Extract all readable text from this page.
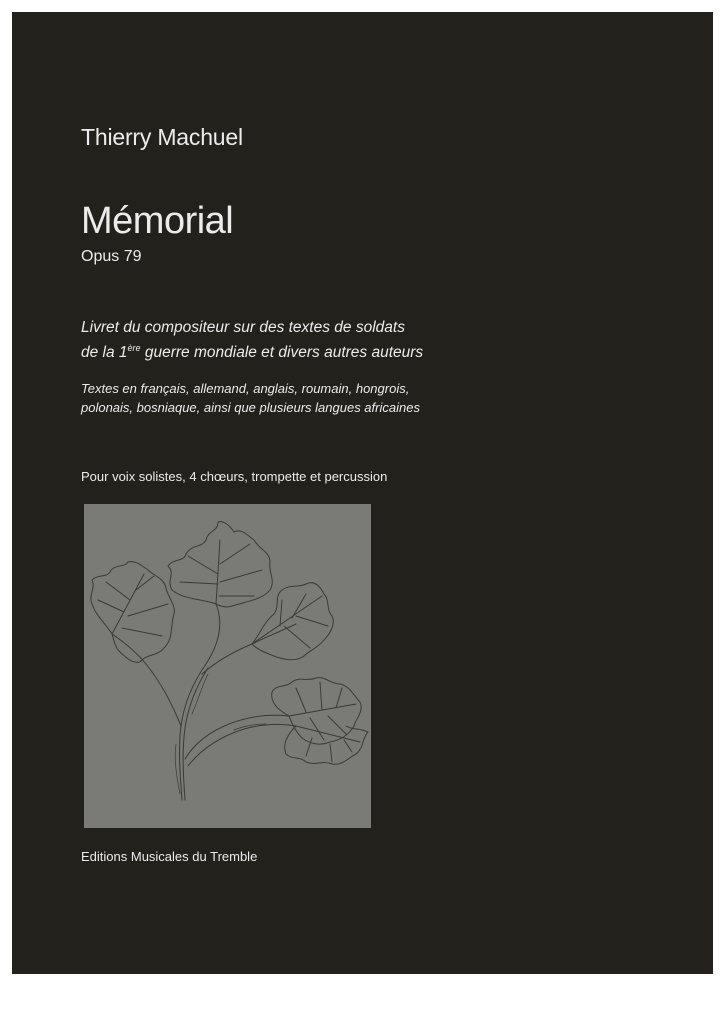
Thierry Machuel
Mémorial
Opus 79
Livret du compositeur sur des textes de soldats
de la 1ère guerre mondiale et divers autres auteurs
Textes en français, allemand, anglais, roumain, hongrois,
polonais, bosniaque, ainsi que plusieurs langues africaines
Pour voix solistes, 4 chœurs, trompette et percussion
Editions Musicales du Tremble
